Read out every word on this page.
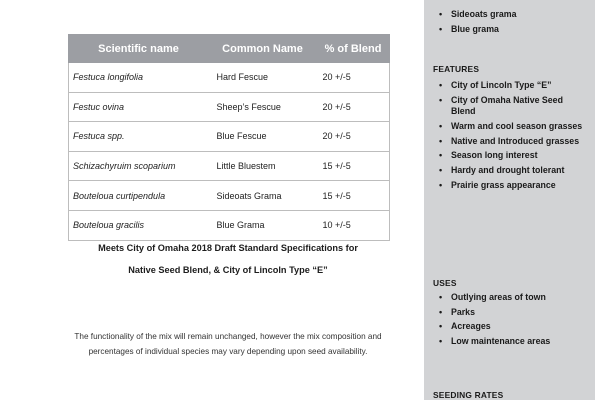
Scientific name	Common Name	% of Blend
Festuca longifolia	Hard Fescue	20 +/-5
Festuc ovina	Sheep’s Fescue	20 +/-5
Festuca spp.	Blue Fescue	20 +/-5
Schizachyruim scoparium	Little Bluestem	15 +/-5
Bouteloua curtipendula	Sideoats Grama	15 +/-5
Bouteloua gracilis	Blue Grama	10 +/-5

Meets City of Omaha 2018 Draft Standard Specifications for

Native Seed Blend, & City of Lincoln Type “E”

The functionality of the mix will remain unchanged, however the mix composition and

percentages of individual species may vary depending upon seed availability.

• Sideoats grama
• Blue grama
FEATURES
• City of Lincoln Type “E”
• City of Omaha Native Seed Blend
• Warm and cool season grasses
• Native and Introduced grasses
• Season long interest
• Hardy and drought tolerant
• Prairie grass appearance
USES
• Outlying areas of town
• Parks
• Acreages
• Low maintenance areas
SEEDING RATES
